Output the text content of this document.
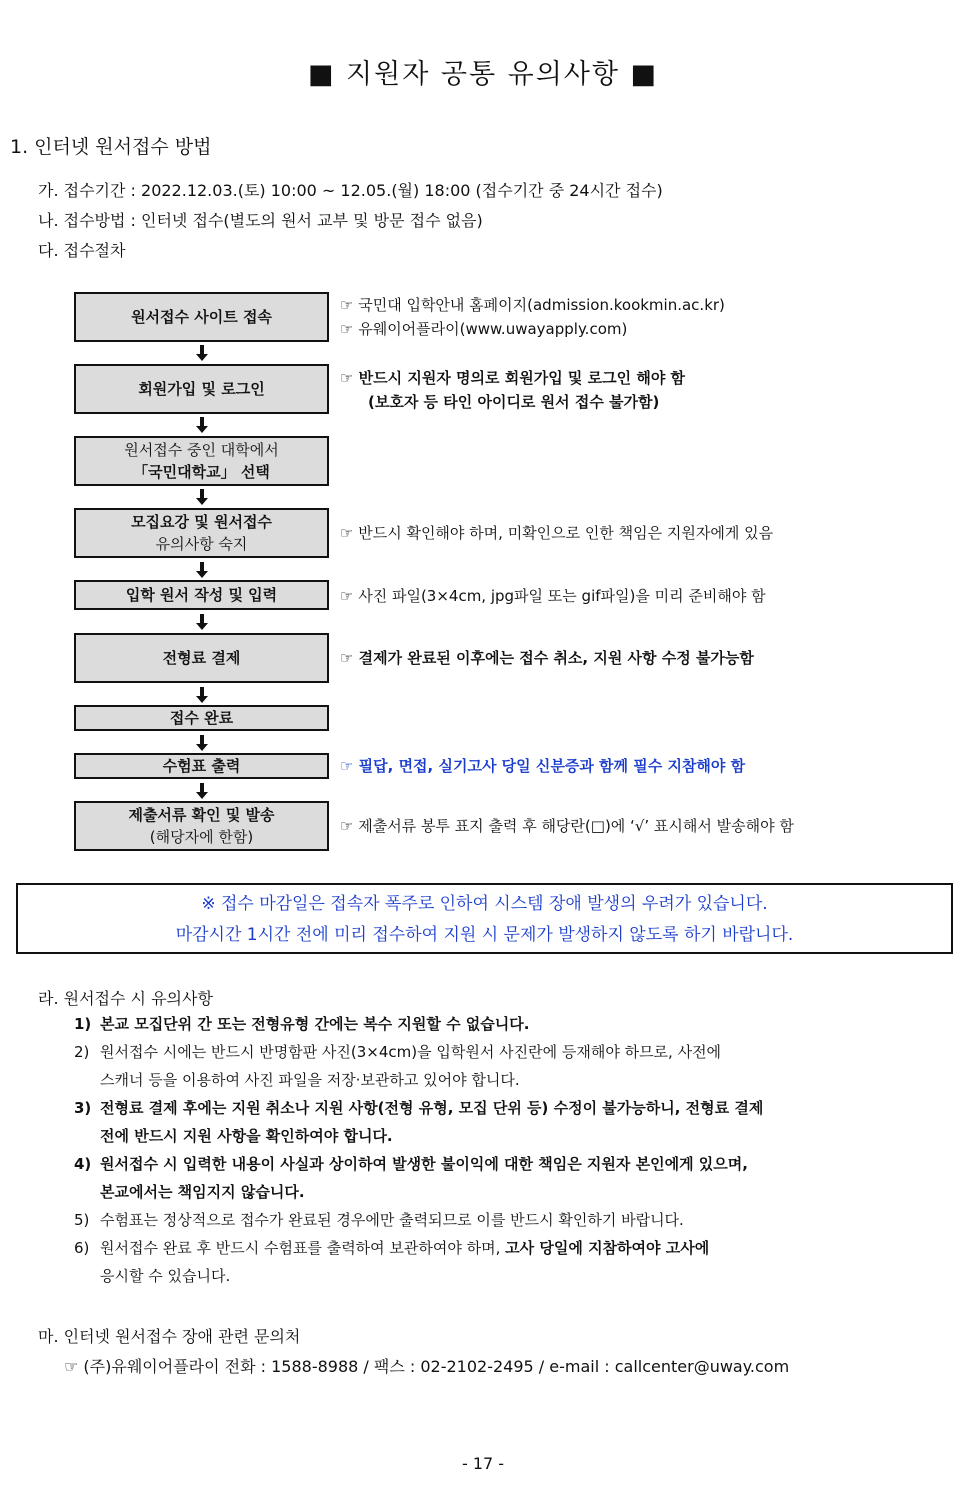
■ 지원자 공통 유의사항 ■
1. 인터넷 원서접수 방법
가. 접수기간 : 2022.12.03.(토) 10:00 ~ 12.05.(월) 18:00 (접수기간 중 24시간 접수)
나. 접수방법 : 인터넷 접수(별도의 원서 교부 및 방문 접수 없음)
다. 접수절차
원서접수 사이트 접속
회원가입 및 로그인
원서접수 중인 대학에서
「국민대학교」 선택
모집요강 및 원서접수
유의사항 숙지
입학 원서 작성 및 입력
전형료 결제
접수 완료
수험표 출력
제출서류 확인 및 발송
(해당자에 한함)
☞ 국민대 입학안내 홈페이지(admission.kookmin.ac.kr)
☞ 유웨이어플라이(www.uwayapply.com)
☞ 반드시 지원자 명의로 회원가입 및 로그인 해야 함
(보호자 등 타인 아이디로 원서 접수 불가함)
☞ 반드시 확인해야 하며, 미확인으로 인한 책임은 지원자에게 있음
☞ 사진 파일(3×4cm, jpg파일 또는 gif파일)을 미리 준비해야 함
☞ 결제가 완료된 이후에는 접수 취소, 지원 사항 수정 불가능함
☞ 필답, 면접, 실기고사 당일 신분증과 함께 필수 지참해야 함
☞ 제출서류 봉투 표지 출력 후 해당란(□)에 ‘√’ 표시해서 발송해야 함
※ 접수 마감일은 접속자 폭주로 인하여 시스템 장애 발생의 우려가 있습니다.
마감시간 1시간 전에 미리 접수하여 지원 시 문제가 발생하지 않도록 하기 바랍니다.
라. 원서접수 시 유의사항
1) 본교 모집단위 간 또는 전형유형 간에는 복수 지원할 수 없습니다.
2) 원서접수 시에는 반드시 반명함판 사진(3×4cm)을 입학원서 사진란에 등재해야 하므로, 사전에
스캐너 등을 이용하여 사진 파일을 저장·보관하고 있어야 합니다.
3) 전형료 결제 후에는 지원 취소나 지원 사항(전형 유형, 모집 단위 등) 수정이 불가능하니, 전형료 결제
전에 반드시 지원 사항을 확인하여야 합니다.
4) 원서접수 시 입력한 내용이 사실과 상이하여 발생한 불이익에 대한 책임은 지원자 본인에게 있으며,
본교에서는 책임지지 않습니다.
5) 수험표는 정상적으로 접수가 완료된 경우에만 출력되므로 이를 반드시 확인하기 바랍니다.
6) 원서접수 완료 후 반드시 수험표를 출력하여 보관하여야 하며, 고사 당일에 지참하여야 고사에
응시할 수 있습니다.
마. 인터넷 원서접수 장애 관련 문의처
☞ (주)유웨이어플라이 전화 : 1588-8988 / 팩스 : 02-2102-2495 / e-mail : callcenter@uway.com
- 17 -
